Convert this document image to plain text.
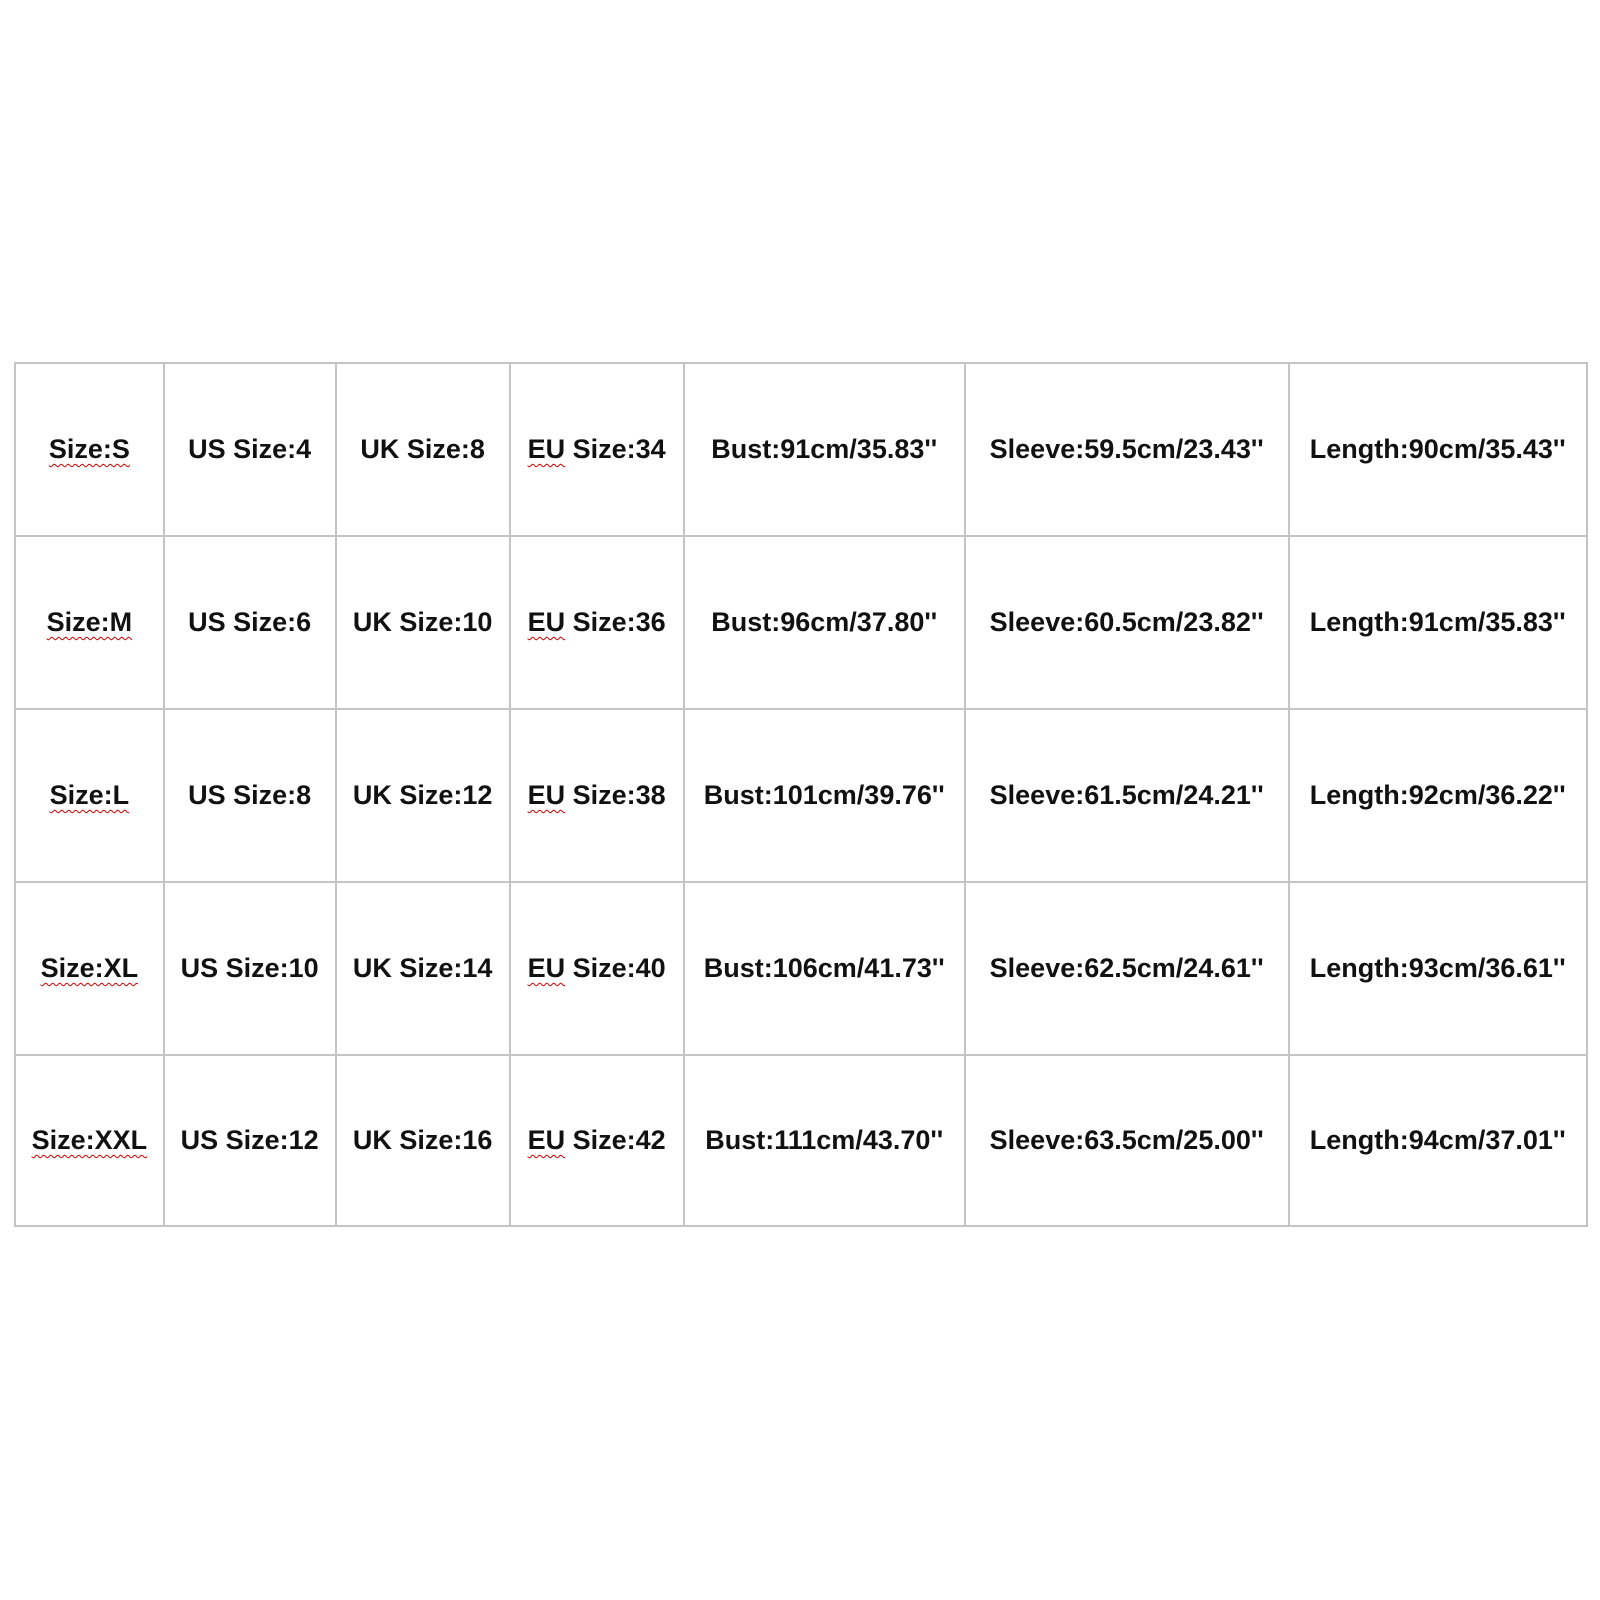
Size:S	US Size:4	UK Size:8	EU Size:34	Bust:91cm/35.83''	Sleeve:59.5cm/23.43''	Length:90cm/35.43''
Size:M	US Size:6	UK Size:10	EU Size:36	Bust:96cm/37.80''	Sleeve:60.5cm/23.82''	Length:91cm/35.83''
Size:L	US Size:8	UK Size:12	EU Size:38	Bust:101cm/39.76''	Sleeve:61.5cm/24.21''	Length:92cm/36.22''
Size:XL	US Size:10	UK Size:14	EU Size:40	Bust:106cm/41.73''	Sleeve:62.5cm/24.61''	Length:93cm/36.61''
Size:XXL	US Size:12	UK Size:16	EU Size:42	Bust:111cm/43.70''	Sleeve:63.5cm/25.00''	Length:94cm/37.01''
